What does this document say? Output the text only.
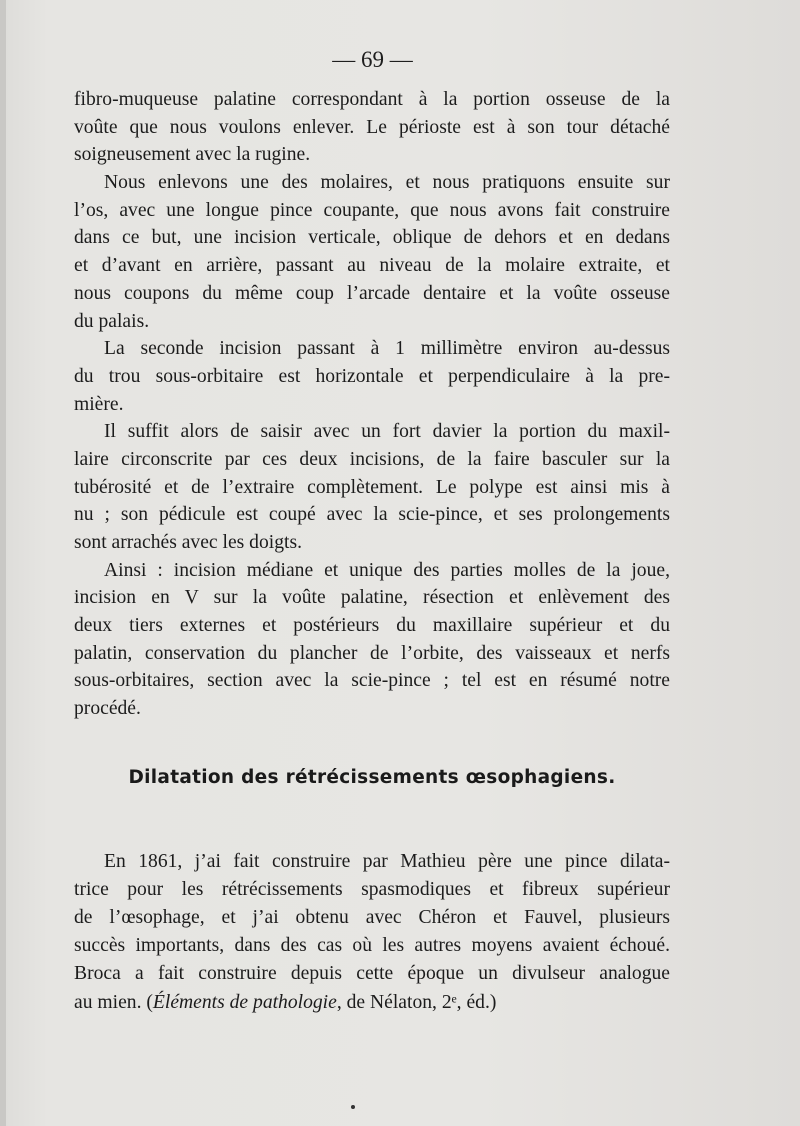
— 69 —

fibro-muqueuse palatine correspondant à la portion osseuse de la
voûte que nous voulons enlever. Le périoste est à son tour détaché
soigneusement avec la rugine.

Nous enlevons une des molaires, et nous pratiquons ensuite sur
l’os, avec une longue pince coupante, que nous avons fait construire
dans ce but, une incision verticale, oblique de dehors et en dedans
et d’avant en arrière, passant au niveau de la molaire extraite, et
nous coupons du même coup l’arcade dentaire et la voûte osseuse
du palais.

La seconde incision passant à 1 millimètre environ au-dessus
du trou sous-orbitaire est horizontale et perpendiculaire à la pre-
mière.

Il suffit alors de saisir avec un fort davier la portion du maxil-
laire circonscrite par ces deux incisions, de la faire basculer sur la
tubérosité et de l’extraire complètement. Le polype est ainsi mis à
nu ; son pédicule est coupé avec la scie-pince, et ses prolongements
sont arrachés avec les doigts.

Ainsi : incision médiane et unique des parties molles de la joue,
incision en V sur la voûte palatine, résection et enlèvement des
deux tiers externes et postérieurs du maxillaire supérieur et du
palatin, conservation du plancher de l’orbite, des vaisseaux et nerfs
sous-orbitaires, section avec la scie-pince ; tel est en résumé notre
procédé.

Dilatation des rétrécissements œsophagiens.

En 1861, j’ai fait construire par Mathieu père une pince dilata-
trice pour les rétrécissements spasmodiques et fibreux supérieur
de l’œsophage, et j’ai obtenu avec Chéron et Fauvel, plusieurs
succès importants, dans des cas où les autres moyens avaient échoué.
Broca a fait construire depuis cette époque un divulseur analogue
au mien. (Éléments de pathologie, de Nélaton, 2ᵉ, éd.)
